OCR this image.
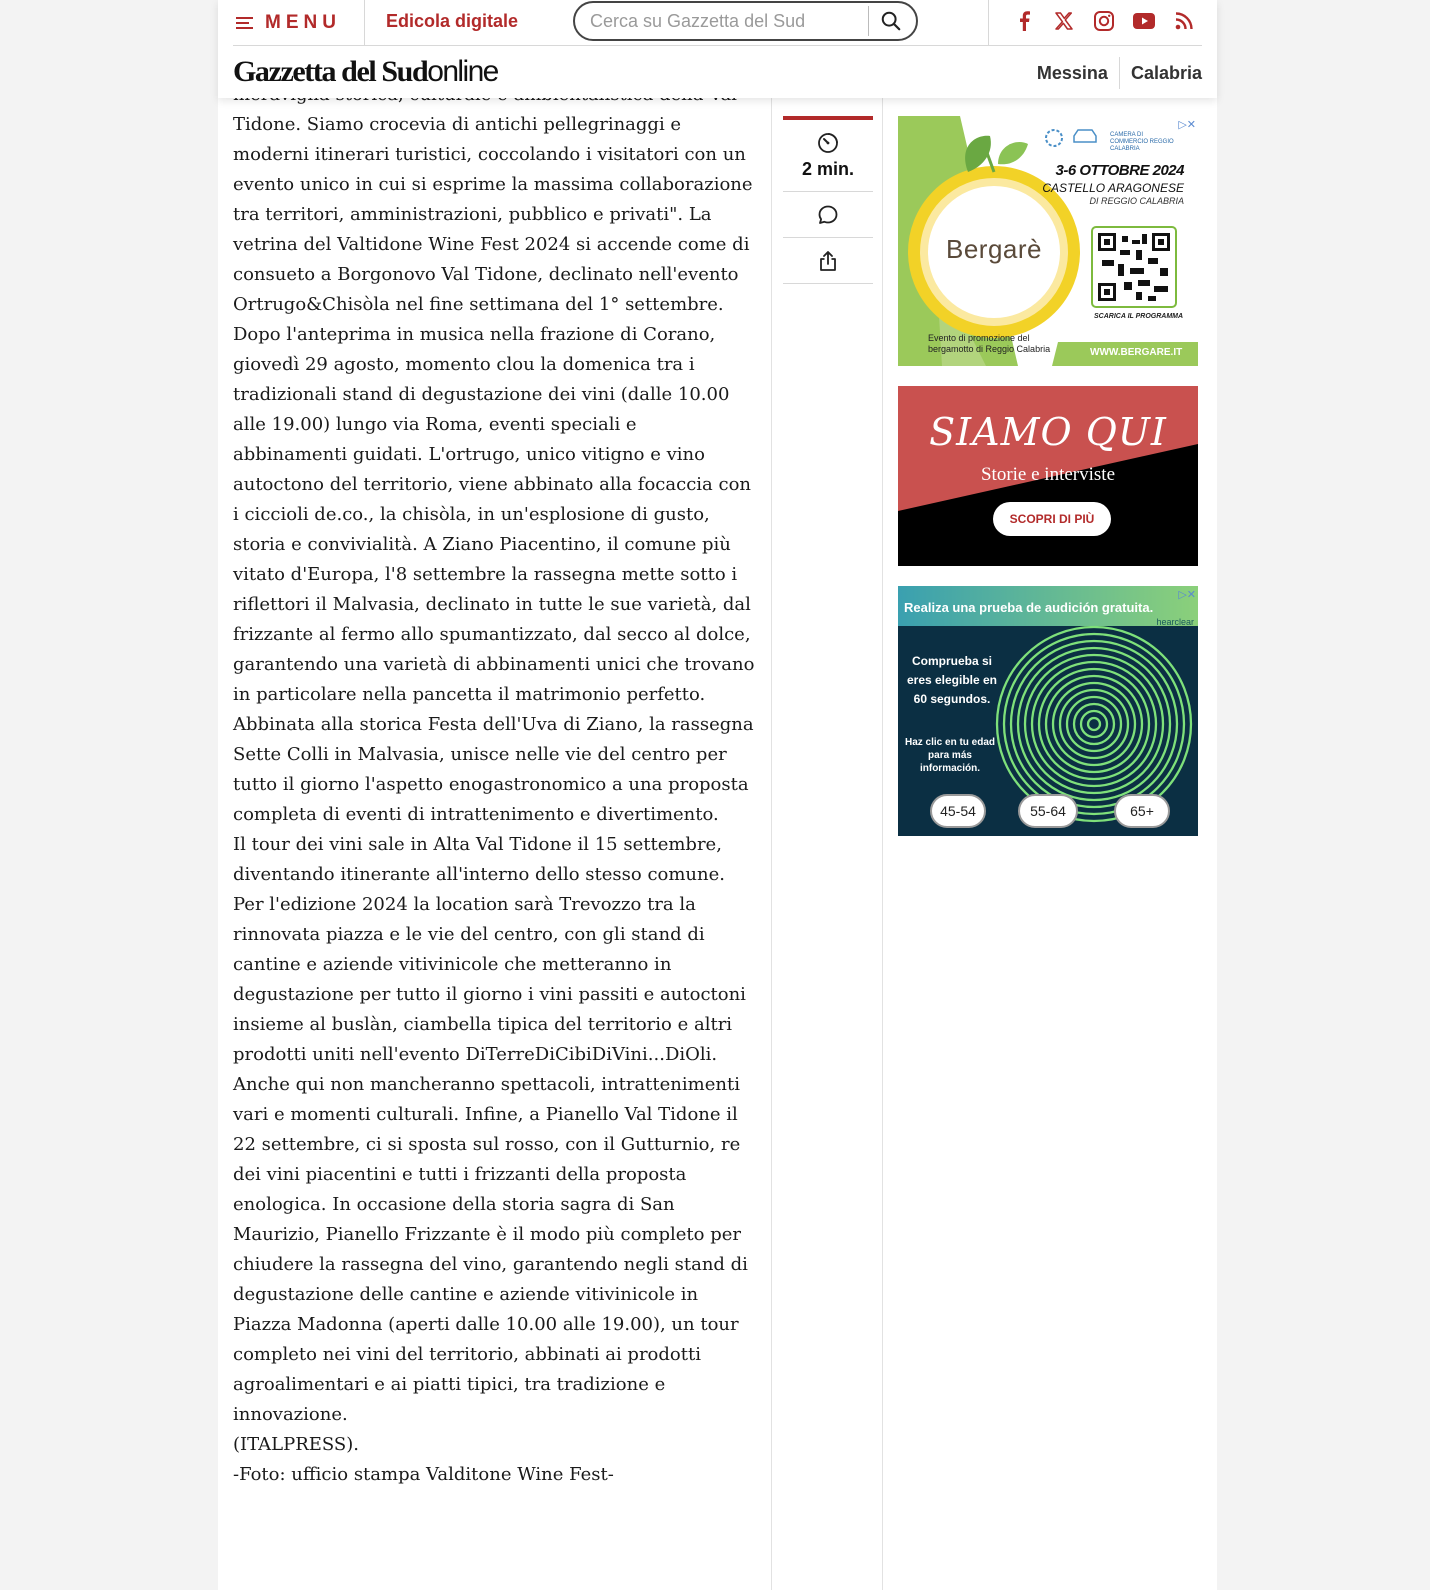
MENU	Edicola digitale
Cerca su Gazzetta del Sud
Gazzetta del Sudonline	Messina Calabria

Tidone. Siamo crocevia di antichi pellegrinaggi e moderni itinerari turistici, coccolando i visitatori con un evento unico in cui si esprime la massima collaborazione tra territori, amministrazioni, pubblico e privati". La vetrina del Valtidone Wine Fest 2024 si accende come di consueto a Borgonovo Val Tidone, declinato nell'evento Ortrugo&Chisòla nel fine settimana del 1° settembre. Dopo l'anteprima in musica nella frazione di Corano, giovedì 29 agosto, momento clou la domenica tra i tradizionali stand di degustazione dei vini (dalle 10.00 alle 19.00) lungo via Roma, eventi speciali e abbinamenti guidati. L'ortrugo, unico vitigno e vino autoctono del territorio, viene abbinato alla focaccia con i ciccioli de.co., la chisòla, in un'esplosione di gusto, storia e convivialità. A Ziano Piacentino, il comune più vitato d'Europa, l'8 settembre la rassegna mette sotto i riflettori il Malvasia, declinato in tutte le sue varietà, dal frizzante al fermo allo spumantizzato, dal secco al dolce, garantendo una varietà di abbinamenti unici che trovano in particolare nella pancetta il matrimonio perfetto. Abbinata alla storica Festa dell'Uva di Ziano, la rassegna Sette Colli in Malvasia, unisce nelle vie del centro per tutto il giorno l'aspetto enogastronomico a una proposta completa di eventi di intrattenimento e divertimento.

Il tour dei vini sale in Alta Val Tidone il 15 settembre, diventando itinerante all'interno dello stesso comune. Per l'edizione 2024 la location sarà Trevozzo tra la rinnovata piazza e le vie del centro, con gli stand di cantine e aziende vitivinicole che metteranno in degustazione per tutto il giorno i vini passiti e autoctoni insieme al buslàn, ciambella tipica del territorio e altri prodotti uniti nell'evento DiTerreDiCibiDiVini...DiOli. Anche qui non mancheranno spettacoli, intrattenimenti vari e momenti culturali. Infine, a Pianello Val Tidone il 22 settembre, ci si sposta sul rosso, con il Gutturnio, re dei vini piacentini e tutti i frizzanti della proposta enologica. In occasione della storia sagra di San Maurizio, Pianello Frizzante è il modo più completo per chiudere la rassegna del vino, garantendo negli stand di degustazione delle cantine e aziende vitivinicole in Piazza Madonna (aperti dalle 10.00 alle 19.00), un tour completo nei vini del territorio, abbinati ai prodotti agroalimentari e ai piatti tipici, tra tradizione e innovazione.

(ITALPRESS).

-Foto: ufficio stampa Valditone Wine Fest-

2 min.
▷✕
CAMERA DI COMMERCIO REGGIO CALABRIA
3-6 OTTOBRE 2024
CASTELLO ARAGONESE
DI REGGIO CALABRIA
Bergarè
SCARICA IL PROGRAMMA
Evento di promozione del
bergamotto di Reggio Calabria	WWW.BERGARE.IT
SIAMO QUI
Storie e interviste
SCOPRI DI PIÙ
▷✕
Realiza una prueba de audición gratuita.
hearclear
Comprueba si eres elegible en 60 segundos.
Haz clic en tu edad para más información.
45-54	55-64	65+
